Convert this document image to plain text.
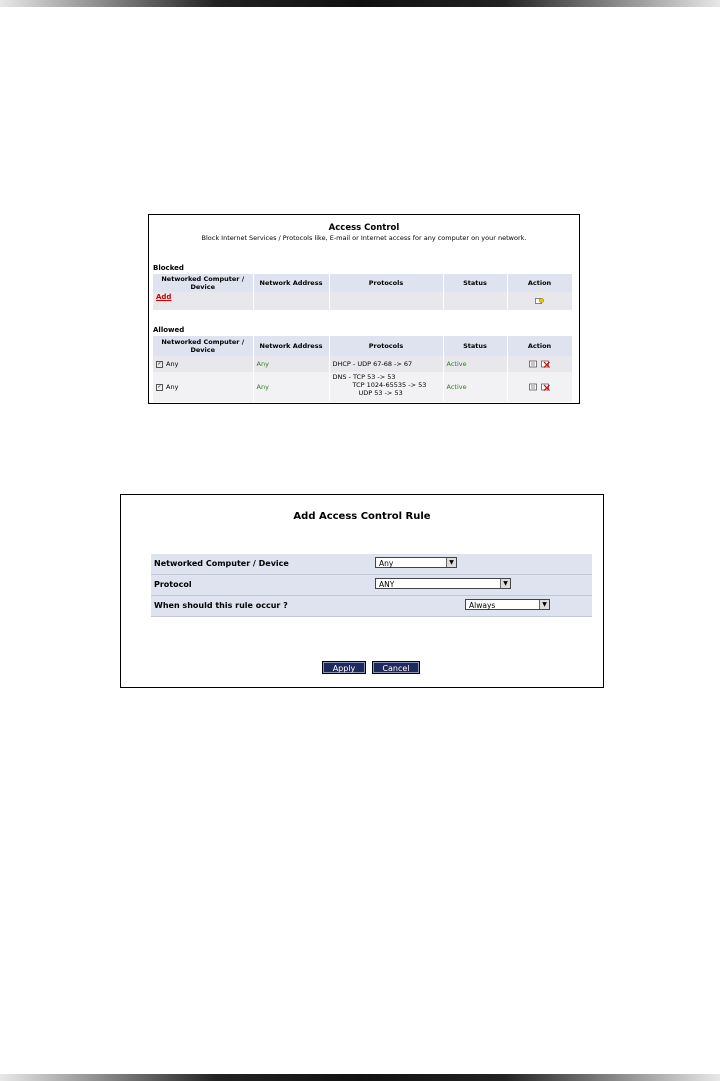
Access Control
Block Internet Services / Protocols like, E-mail or Internet access for any computer on your network.
Blocked
Networked Computer / Device	Network Address	Protocols	Status	Action
Add				
Allowed
Networked Computer / Device	Network Address	Protocols	Status	Action
✓ Any	Any	DHCP - UDP 67-68 -> 67	Active	
✓ Any	Any	DNS - TCP 53 -> 53
TCP 1024-65535 -> 53
UDP 53 -> 53	Active	
Add Access Control Rule
Networked Computer / Device	Any	▼
Protocol	ANY	▼
When should this rule occur ?	Always	▼
Apply	Cancel
